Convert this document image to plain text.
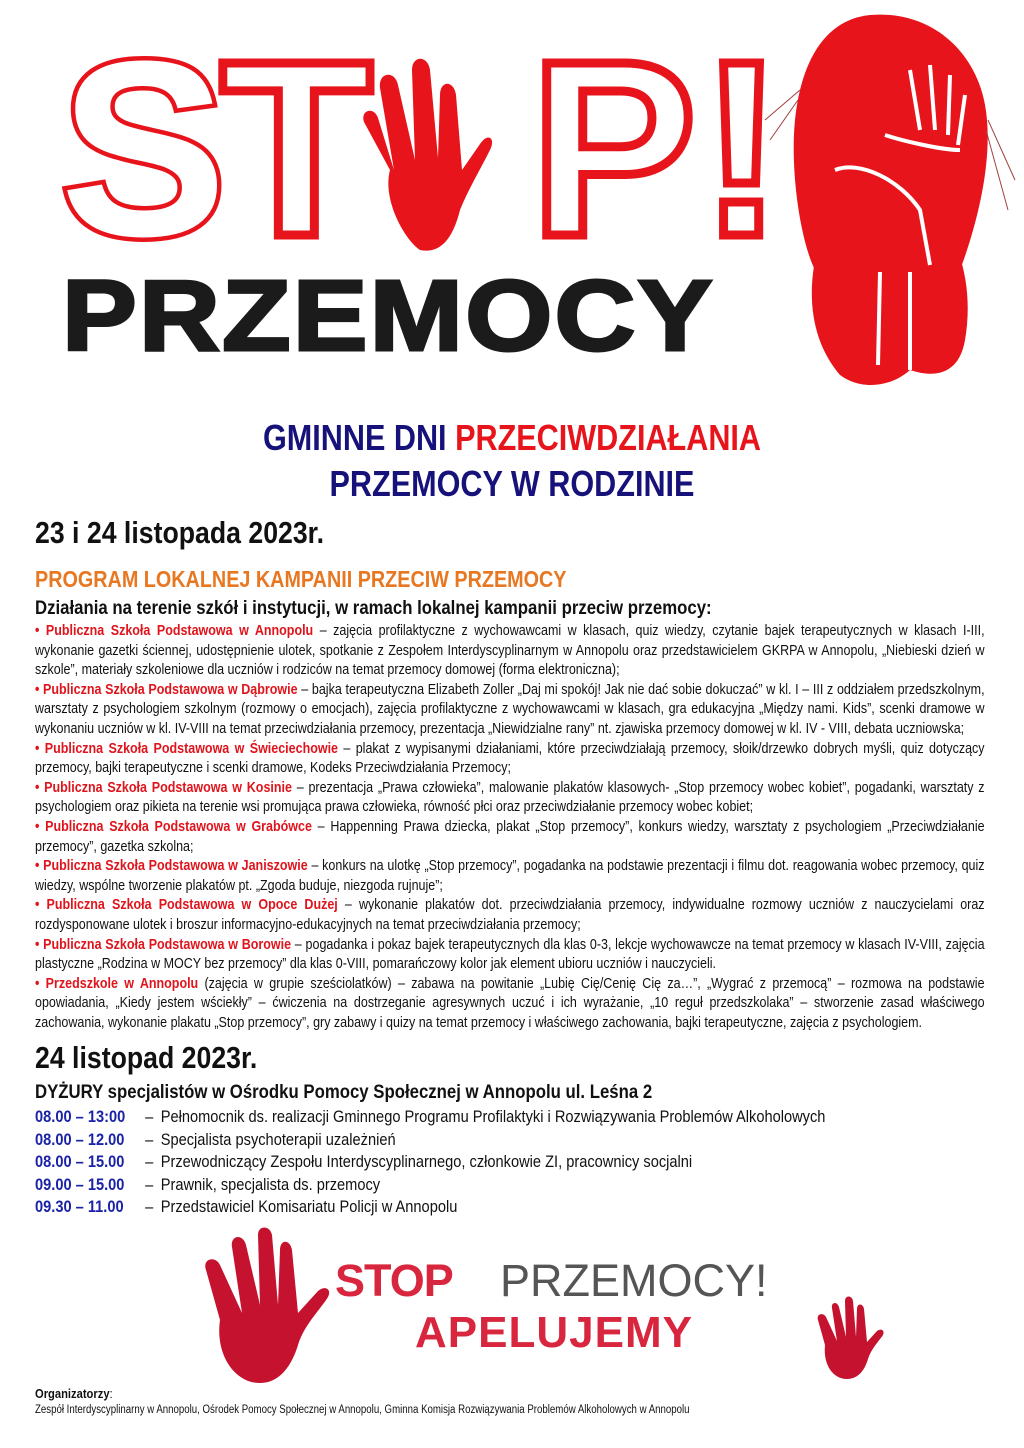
S
T P !
PRZEMOCY
GMINNE DNI PRZECIWDZIAŁANIA
PRZEMOCY W RODZINIE
23 i 24 listopada 2023r.
PROGRAM LOKALNEJ KAMPANII PRZECIW PRZEMOCY
Działania na terenie szkół i instytucji, w ramach lokalnej kampanii przeciw przemocy:

• Publiczna Szkoła Podstawowa w Annopolu – zajęcia profilaktyczne z wychowawcami w klasach, quiz wiedzy, czytanie bajek terapeutycznych w klasach I-III, wykonanie gazetki ściennej, udostępnienie ulotek, spotkanie z Zespołem Interdyscyplinarnym w Annopolu oraz przedstawicielem GKRPA w Annopolu, „Niebieski dzień w szkole”, materiały szkoleniowe dla uczniów i rodziców na temat przemocy domowej (forma elektroniczna);

• Publiczna Szkoła Podstawowa w Dąbrowie – bajka terapeutyczna Elizabeth Zoller „Daj mi spokój! Jak nie dać sobie dokuczać” w kl. I – III z oddziałem przedszkolnym, warsztaty z psychologiem szkolnym (rozmowy o emocjach), zajęcia profilaktyczne z wychowawcami w klasach, gra edukacyjna „Między nami. Kids”, scenki dramowe w wykonaniu uczniów w kl. IV-VIII na temat przeciwdziałania przemocy, prezentacja „Niewidzialne rany” nt. zjawiska przemocy domowej w kl. IV - VIII, debata uczniowska;

• Publiczna Szkoła Podstawowa w Świeciechowie – plakat z wypisanymi działaniami, które przeciwdziałają przemocy, słoik/drzewko dobrych myśli, quiz dotyczący przemocy, bajki terapeutyczne i scenki dramowe, Kodeks Przeciwdziałania Przemocy;

• Publiczna Szkoła Podstawowa w Kosinie – prezentacja „Prawa człowieka”, malowanie plakatów klasowych- „Stop przemocy wobec kobiet”, pogadanki, warsztaty z psychologiem oraz pikieta na terenie wsi promująca prawa człowieka, równość płci oraz przeciwdziałanie przemocy wobec kobiet;

• Publiczna Szkoła Podstawowa w Grabówce – Happenning Prawa dziecka, plakat „Stop przemocy”, konkurs wiedzy, warsztaty z psychologiem „Przeciwdziałanie przemocy”, gazetka szkolna;

• Publiczna Szkoła Podstawowa w Janiszowie – konkurs na ulotkę „Stop przemocy”, pogadanka na podstawie prezentacji i filmu dot. reagowania wobec przemocy, quiz wiedzy, wspólne tworzenie plakatów pt. „Zgoda buduje, niezgoda rujnuje”;

• Publiczna Szkoła Podstawowa w Opoce Dużej – wykonanie plakatów dot. przeciwdziałania przemocy, indywidualne rozmowy uczniów z nauczycielami oraz rozdysponowane ulotek i broszur informacyjno-edukacyjnych na temat przeciwdziałania przemocy;

• Publiczna Szkoła Podstawowa w Borowie – pogadanka i pokaz bajek terapeutycznych dla klas 0-3, lekcje wychowawcze na temat przemocy w klasach IV-VIII, zajęcia plastyczne „Rodzina w MOCY bez przemocy” dla klas 0-VIII, pomarańczowy kolor jak element ubioru uczniów i nauczycieli.

• Przedszkole w Annopolu (zajęcia w grupie sześciolatków) – zabawa na powitanie „Lubię Cię/Cenię Cię za…”, „Wygrać z przemocą” – rozmowa na podstawie opowiadania, „Kiedy jestem wściekły” – ćwiczenia na dostrzeganie agresywnych uczuć i ich wyrażanie, „10 reguł przedszkolaka” – stworzenie zasad właściwego zachowania, wykonanie plakatu „Stop przemocy”, gry zabawy i quizy na temat przemocy i właściwego zachowania, bajki terapeutyczne, zajęcia z psychologiem.

24 listopad 2023r.
DYŻURY specjalistów w Ośrodku Pomocy Społecznej w Annopolu ul. Leśna 2
08.00 – 13:00 – Pełnomocnik ds. realizacji Gminnego Programu Profilaktyki i Rozwiązywania Problemów Alkoholowych
08.00 – 12.00 – Specjalista psychoterapii uzależnień
08.00 – 15.00 – Przewodniczący Zespołu Interdyscyplinarnego, członkowie ZI, pracownicy socjalni
09.00 – 15.00 – Prawnik, specjalista ds. przemocy
09.30 – 11.00 – Przedstawiciel Komisariatu Policji w Annopolu
STOP PRZEMOCY!
APELUJEMY
Organizatorzy:
Zespół Interdyscyplinarny w Annopolu, Ośrodek Pomocy Społecznej w Annopolu, Gminna Komisja Rozwiązywania Problemów Alkoholowych w Annopolu
